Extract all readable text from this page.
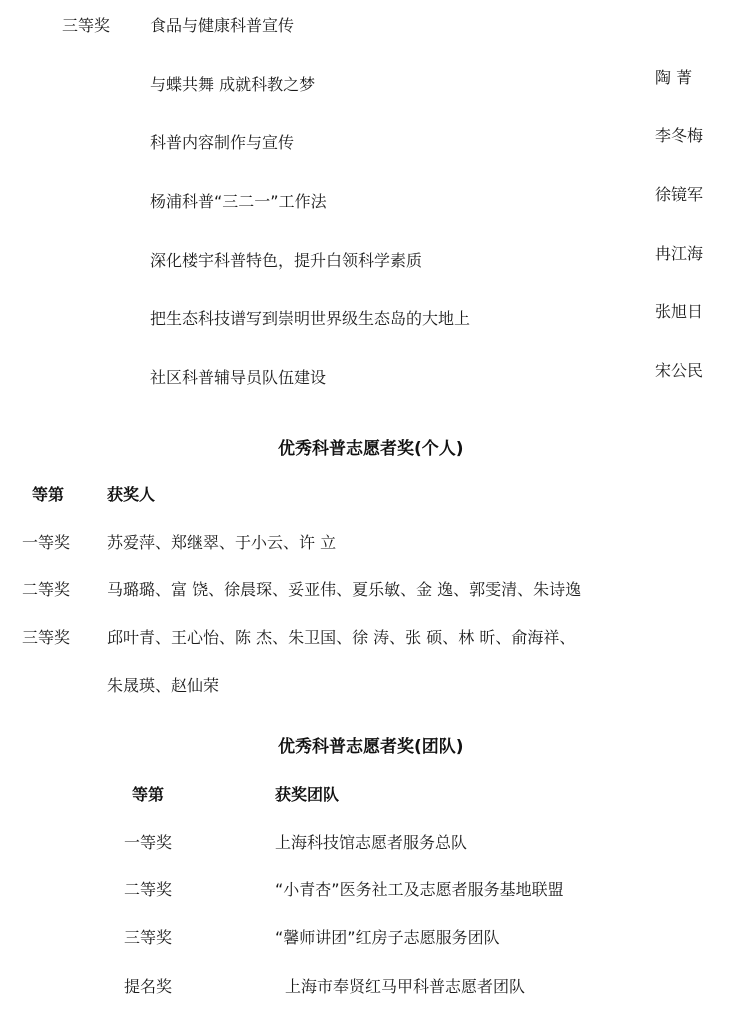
三等奖 食品与健康科普宣传
与蝶共舞 成就科教之梦	陶 菁
科普内容制作与宣传	李冬梅
杨浦科普“三二一”工作法	徐镜军
深化楼宇科普特色，提升白领科学素质	冉江海
把生态科技谱写到崇明世界级生态岛的大地上	张旭日
社区科普辅导员队伍建设	宋公民
优秀科普志愿者奖(个人)
等第	获奖人
一等奖 苏爱萍、郑继翠、于小云、许 立
二等奖 马璐璐、富 饶、徐晨琛、妥亚伟、夏乐敏、金 逸、郭雯清、朱诗逸
三等奖 邱叶青、王心怡、陈 杰、朱卫国、徐 涛、张 硕、林 昕、俞海祥、
朱晟瑛、赵仙荣
优秀科普志愿者奖(团队)
等第	获奖团队
一等奖	上海科技馆志愿者服务总队
二等奖	“小青杏”医务社工及志愿者服务基地联盟
三等奖	“馨师讲团”红房子志愿服务团队
提名奖	上海市奉贤红马甲科普志愿者团队
